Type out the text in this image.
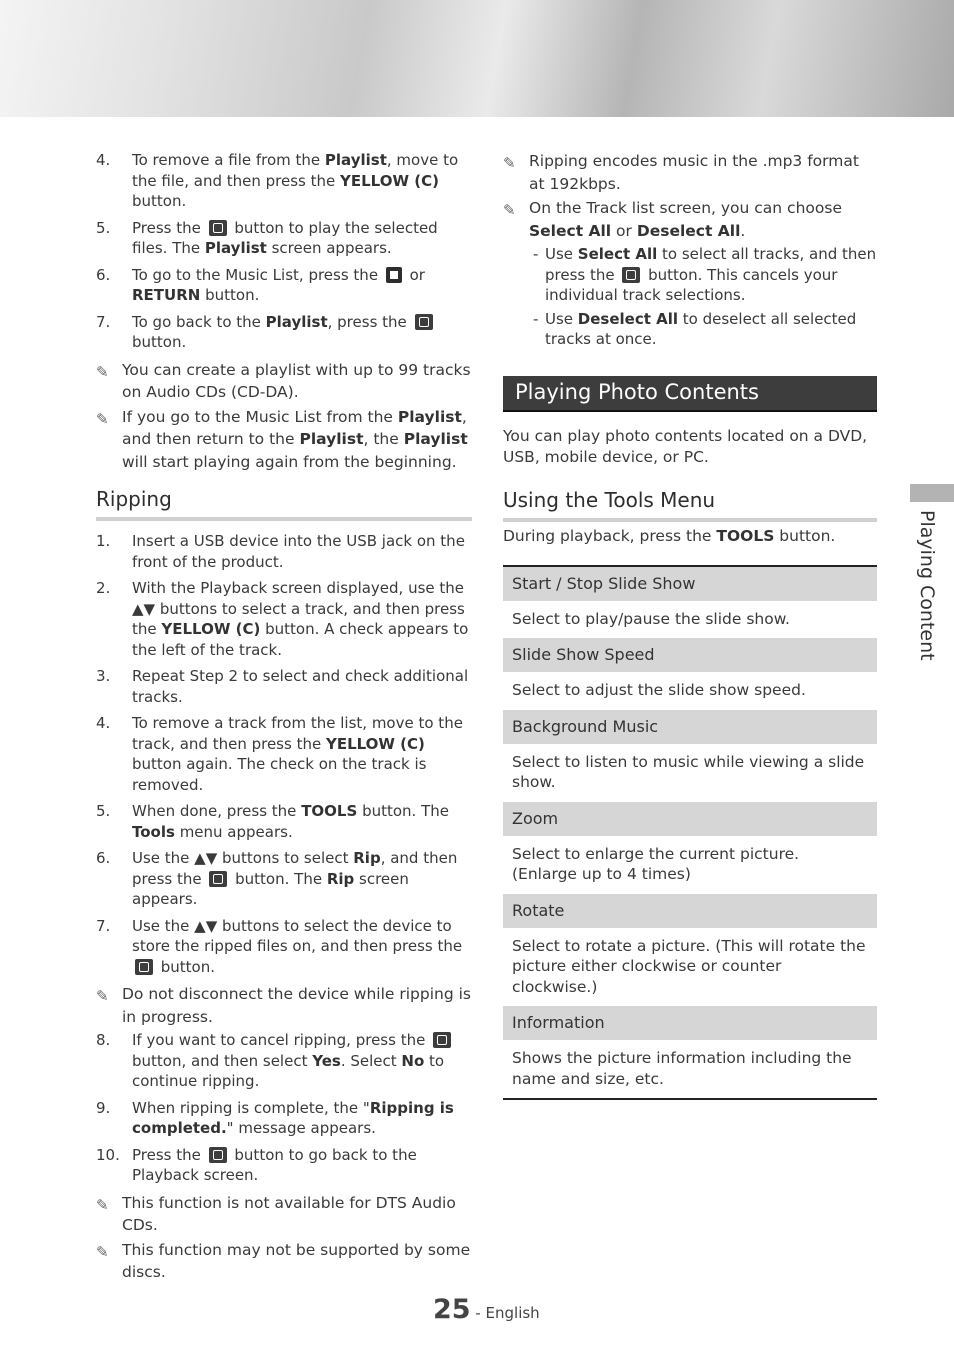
4. To remove a file from the Playlist, move to the file, and then press the YELLOW (C) button.
5. Press the  button to play the selected files. The Playlist screen appears.
6. To go to the Music List, press the  or RETURN button.
7. To go back to the Playlist, press the  button.
✎ You can create a playlist with up to 99 tracks on Audio CDs (CD-DA).
✎ If you go to the Music List from the Playlist, and then return to the Playlist, the Playlist will start playing again from the beginning.
Ripping
1. Insert a USB device into the USB jack on the front of the product.
2. With the Playback screen displayed, use the ▲▼ buttons to select a track, and then press the YELLOW (C) button. A check appears to the left of the track.
3. Repeat Step 2 to select and check additional tracks.
4. To remove a track from the list, move to the track, and then press the YELLOW (C) button again. The check on the track is removed.
5. When done, press the TOOLS button. The Tools menu appears.
6. Use the ▲▼ buttons to select Rip, and then press the  button. The Rip screen appears.
7. Use the ▲▼ buttons to select the device to store the ripped files on, and then press the  button.
✎ Do not disconnect the device while ripping is in progress.
8. If you want to cancel ripping, press the  button, and then select Yes. Select No to continue ripping.
9. When ripping is complete, the "Ripping is completed." message appears.
10. Press the  button to go back to the Playback screen.
✎ This function is not available for DTS Audio CDs.
✎ This function may not be supported by some discs.
✎ Ripping encodes music in the .mp3 format at 192kbps.
✎ On the Track list screen, you can choose Select All or Deselect All.
- Use Select All to select all tracks, and then press the  button. This cancels your individual track selections.
- Use Deselect All to deselect all selected tracks at once.
Playing Photo Contents
You can play photo contents located on a DVD, USB, mobile device, or PC.
Using the Tools Menu
During playback, press the TOOLS button.
Start / Stop Slide Show
Select to play/pause the slide show.
Slide Show Speed
Select to adjust the slide show speed.
Background Music
Select to listen to music while viewing a slide show.
Zoom
Select to enlarge the current picture.
(Enlarge up to 4 times)
Rotate
Select to rotate a picture. (This will rotate the picture either clockwise or counter clockwise.)
Information
Shows the picture information including the name and size, etc.
Playing Content
25 - English
